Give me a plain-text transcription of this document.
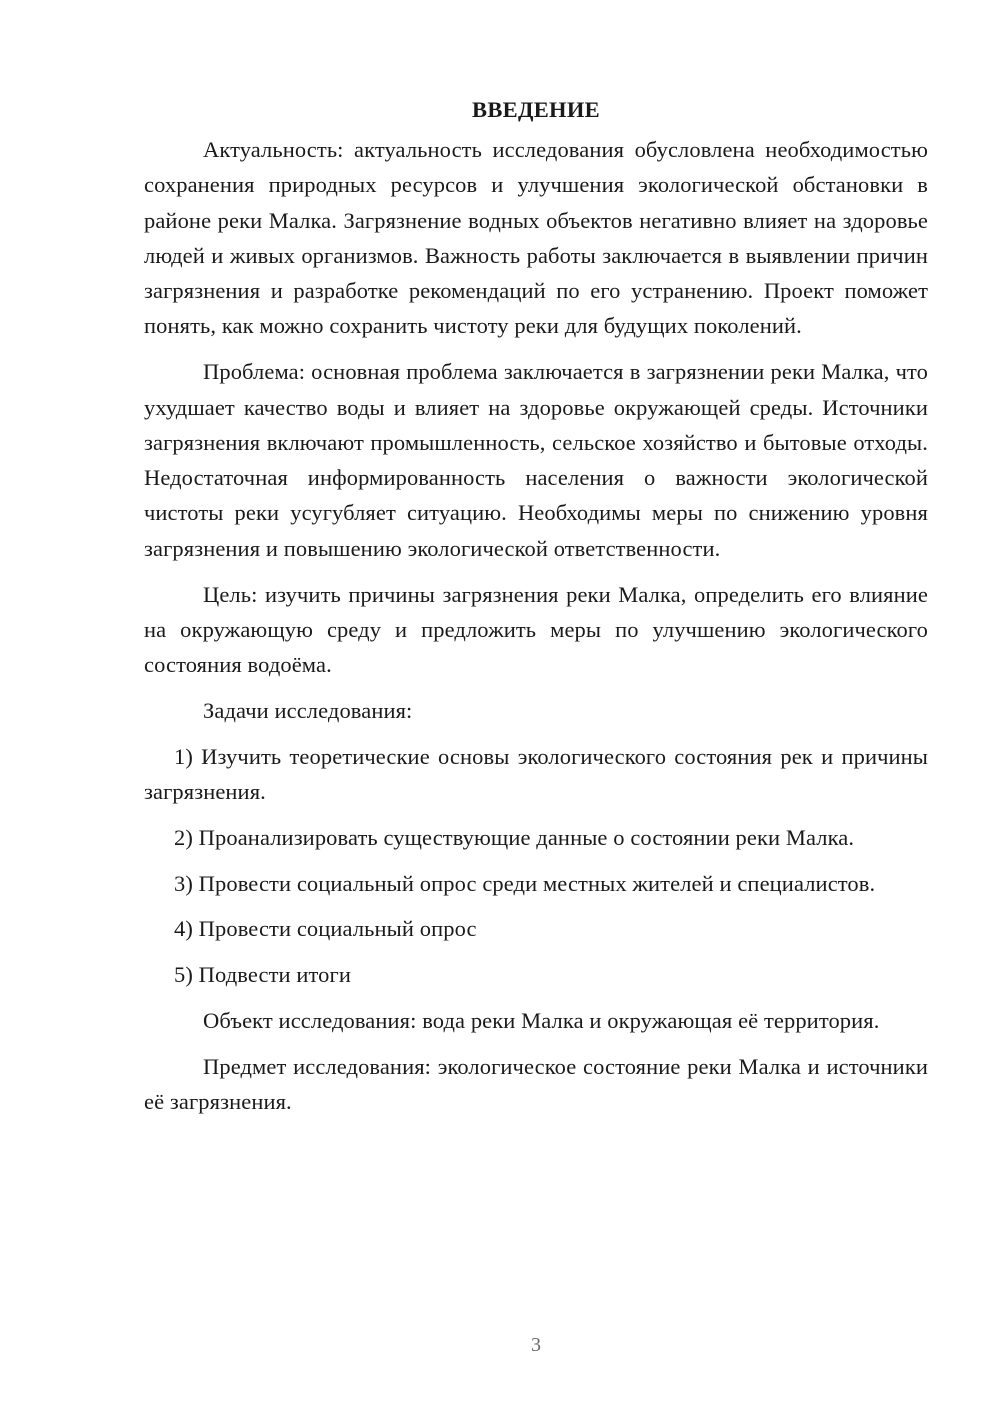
ВВЕДЕНИЕ

Актуальность: актуальность исследования обусловлена необходимостью сохранения природных ресурсов и улучшения экологической обстановки в районе реки Малка. Загрязнение водных объектов негативно влияет на здоровье людей и живых организмов. Важность работы заключается в выявлении причин загрязнения и разработке рекомендаций по его устранению. Проект поможет понять, как можно сохранить чистоту реки для будущих поколений.

Проблема: основная проблема заключается в загрязнении реки Малка, что ухудшает качество воды и влияет на здоровье окружающей среды. Источники загрязнения включают промышленность, сельское хозяйство и бытовые отходы. Недостаточная информированность населения о важности экологической чистоты реки усугубляет ситуацию. Необходимы меры по снижению уровня загрязнения и повышению экологической ответственности.

Цель: изучить причины загрязнения реки Малка, определить его влияние на окружающую среду и предложить меры по улучшению экологического состояния водоёма.

Задачи исследования:

1) Изучить теоретические основы экологического состояния рек и причины загрязнения.

2) Проанализировать существующие данные о состоянии реки Малка.

3) Провести социальный опрос среди местных жителей и специалистов.

4) Провести социальный опрос

5) Подвести итоги

Объект исследования: вода реки Малка и окружающая её территория.

Предмет исследования: экологическое состояние реки Малка и источники её загрязнения.

3
